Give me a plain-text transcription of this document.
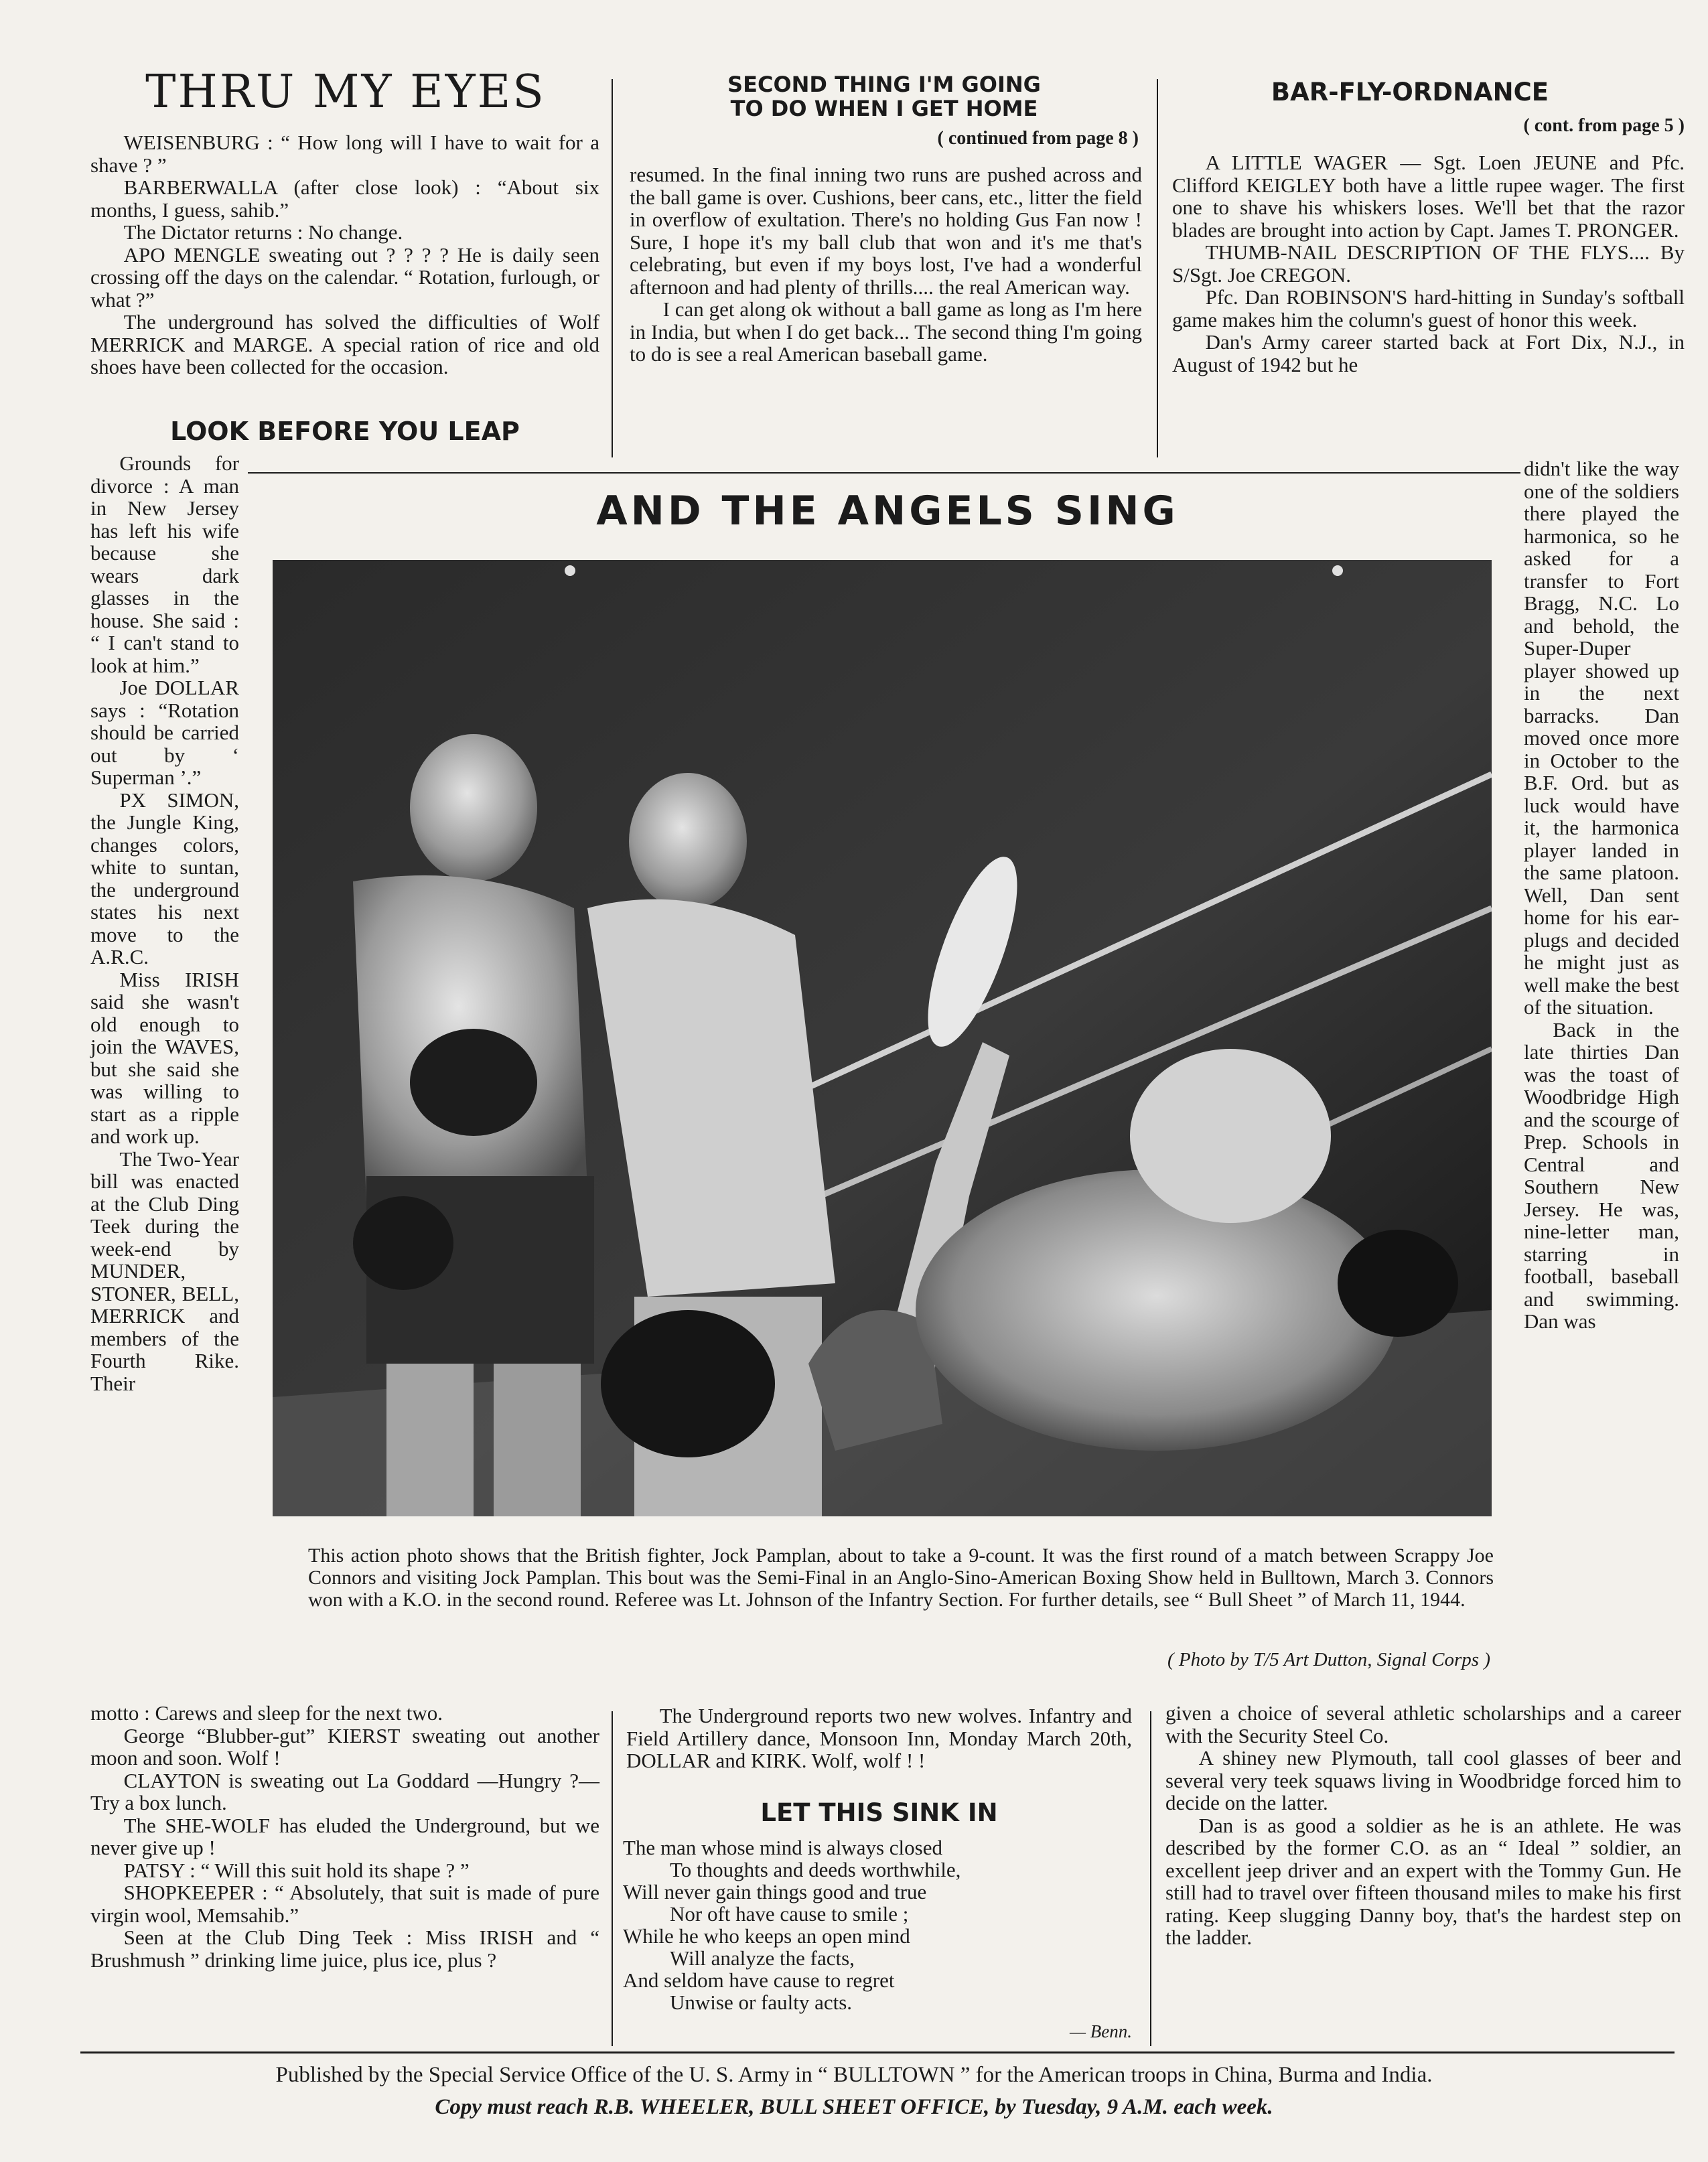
THRU MY EYES

WEISENBURG : “ How long will I have to wait for a shave ? ”

BARBERWALLA (after close look) : “About six months, I guess, sahib.”

The Dictator returns : No change.

APO MENGLE sweating out ? ? ? ? He is daily seen crossing off the days on the calendar. “ Rotation, furlough, or what ?”

The underground has solved the difficulties of Wolf MERRICK and MARGE. A special ration of rice and old shoes have been collected for the occasion.

LOOK BEFORE YOU LEAP

Grounds for divorce : A man in New Jersey has left his wife because she wears dark glasses in the house. She said : “ I can't stand to look at him.”

Joe DOLLAR says : “Rotation should be carried out by ‘ Superman ’.”

PX SIMON, the Jungle King, changes colors, white to suntan, the underground states his next move to the A.R.C.

Miss IRISH said she wasn't old enough to join the WAVES, but she said she was willing to start as a ripple and work up.

The Two-Year bill was enacted at the Club Ding Teek during the week-end by MUNDER, STONER, BELL, MERRICK and members of the Fourth Rike. Their

SECOND THING I'M GOING
TO DO WHEN I GET HOME
( continued from page 8 )

resumed. In the final inning two runs are pushed across and the ball game is over. Cushions, beer cans, etc., litter the field in overflow of exultation. There's no holding Gus Fan now ! Sure, I hope it's my ball club that won and it's me that's celebrating, but even if my boys lost, I've had a wonderful afternoon and had plenty of thrills.... the real American way.

I can get along ok without a ball game as long as I'm here in India, but when I do get back... The second thing I'm going to do is see a real American baseball game.

BAR-FLY-ORDNANCE
( cont. from page 5 )

A LITTLE WAGER — Sgt. Loen JEUNE and Pfc. Clifford KEIGLEY both have a little rupee wager. The first one to shave his whiskers loses. We'll bet that the razor blades are brought into action by Capt. James T. PRONGER.

THUMB-NAIL DESCRIPTION OF THE FLYS.... By S/Sgt. Joe CREGON.

Pfc. Dan ROBINSON'S hard-hitting in Sunday's softball game makes him the column's guest of honor this week.

Dan's Army career started back at Fort Dix, N.J., in August of 1942 but he

didn't like the way one of the soldiers there played the harmonica, so he asked for a transfer to Fort Bragg, N.C. Lo and behold, the Super-Duper player showed up in the next barracks. Dan moved once more in October to the B.F. Ord. but as luck would have it, the harmonica player landed in the same platoon. Well, Dan sent home for his ear-plugs and decided he might just as well make the best of the situation.

Back in the late thirties Dan was the toast of Woodbridge High and the scourge of Prep. Schools in Central and Southern New Jersey. He was, nine-letter man, starring in football, baseball and swimming. Dan was

AND THE ANGELS SING
This action photo shows that the British fighter, Jock Pamplan, about to take a 9-count. It was the first round of a match between Scrappy Joe Connors and visiting Jock Pamplan. This bout was the Semi-Final in an Anglo-Sino-American Boxing Show held in Bulltown, March 3. Connors won with a K.O. in the second round. Referee was Lt. Johnson of the Infantry Section. For further details, see “ Bull Sheet ” of March 11, 1944.
( Photo by T/5 Art Dutton, Signal Corps )

motto : Carews and sleep for the next two.

George “Blubber-gut” KIERST sweating out another moon and soon. Wolf !

CLAYTON is sweating out La Goddard —Hungry ?— Try a box lunch.

The SHE-WOLF has eluded the Underground, but we never give up !

PATSY : “ Will this suit hold its shape ? ”

SHOPKEEPER : “ Absolutely, that suit is made of pure virgin wool, Memsahib.”

Seen at the Club Ding Teek : Miss IRISH and “ Brushmush ” drinking lime juice, plus ice, plus ?

The Underground reports two new wolves. Infantry and Field Artillery dance, Monsoon Inn, Monday March 20th, DOLLAR and KIRK. Wolf, wolf ! !

LET THIS SINK IN
The man whose mind is always closed
To thoughts and deeds worthwhile,
Will never gain things good and true
Nor oft have cause to smile ;
While he who keeps an open mind
Will analyze the facts,
And seldom have cause to regret
Unwise or faulty acts.
— Benn.

given a choice of several athletic scholarships and a career with the Security Steel Co.

A shiney new Plymouth, tall cool glasses of beer and several very teek squaws living in Woodbridge forced him to decide on the latter.

Dan is as good a soldier as he is an athlete. He was described by the former C.O. as an “ Ideal ” soldier, an excellent jeep driver and an expert with the Tommy Gun. He still had to travel over fifteen thousand miles to make his first rating. Keep slugging Danny boy, that's the hardest step on the ladder.

Published by the Special Service Office of the U. S. Army in “ BULLTOWN ” for the American troops in China, Burma and India.
Copy must reach R.B. WHEELER, BULL SHEET OFFICE, by Tuesday, 9 A.M. each week.
